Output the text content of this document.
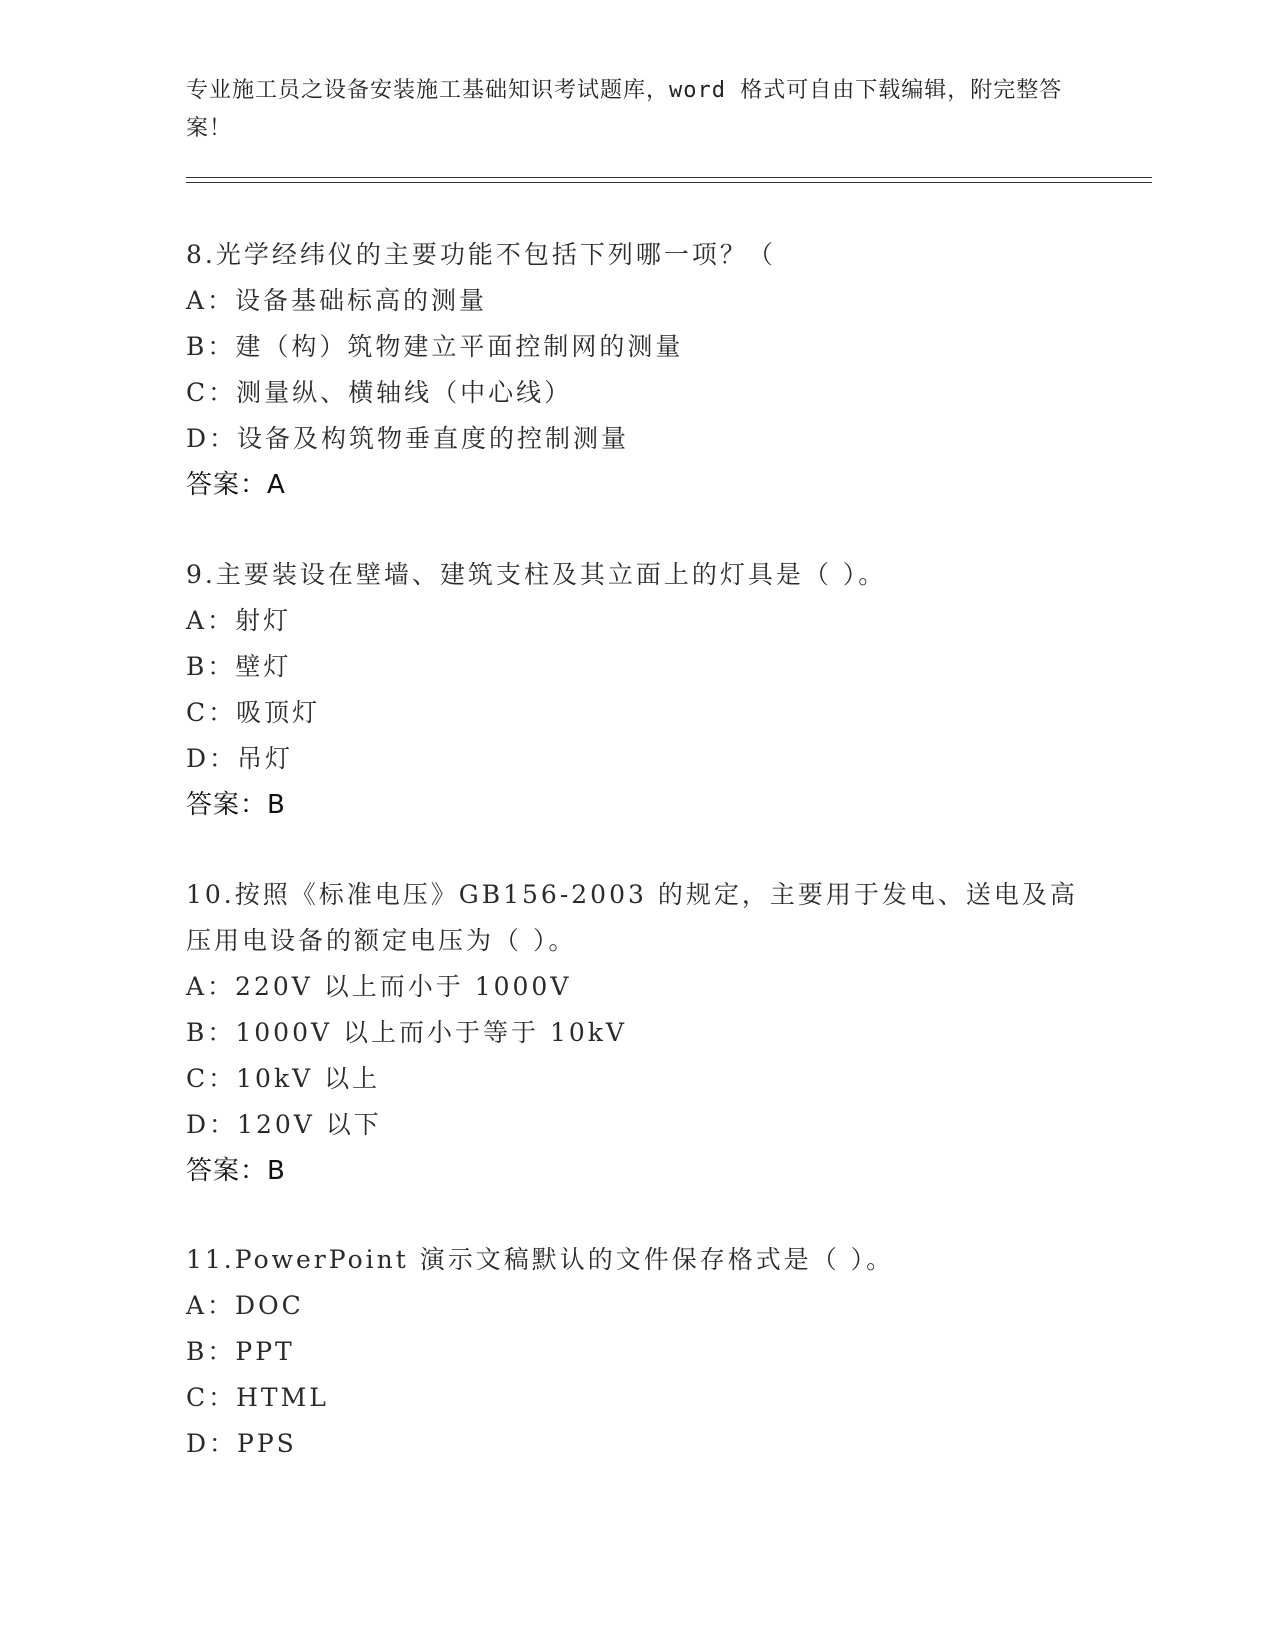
专业施工员之设备安装施工基础知识考试题库，word 格式可自由下载编辑，附完整答案！
8.光学经纬仪的主要功能不包括下列哪一项？（
A：设备基础标高的测量
B：建（构）筑物建立平面控制网的测量
C：测量纵、横轴线（中心线）
D：设备及构筑物垂直度的控制测量
答案：A
9.主要装设在壁墙、建筑支柱及其立面上的灯具是（ ）。
A：射灯
B：壁灯
C：吸顶灯
D：吊灯
答案：B
10.按照《标准电压》GB156-2003 的规定，主要用于发电、送电及高压用电设备的额定电压为（ ）。
A：220V 以上而小于 1000V
B：1000V 以上而小于等于 10kV
C：10kV 以上
D：120V 以下
答案：B
11.PowerPoint 演示文稿默认的文件保存格式是（ ）。
A：DOC
B：PPT
C：HTML
D：PPS
